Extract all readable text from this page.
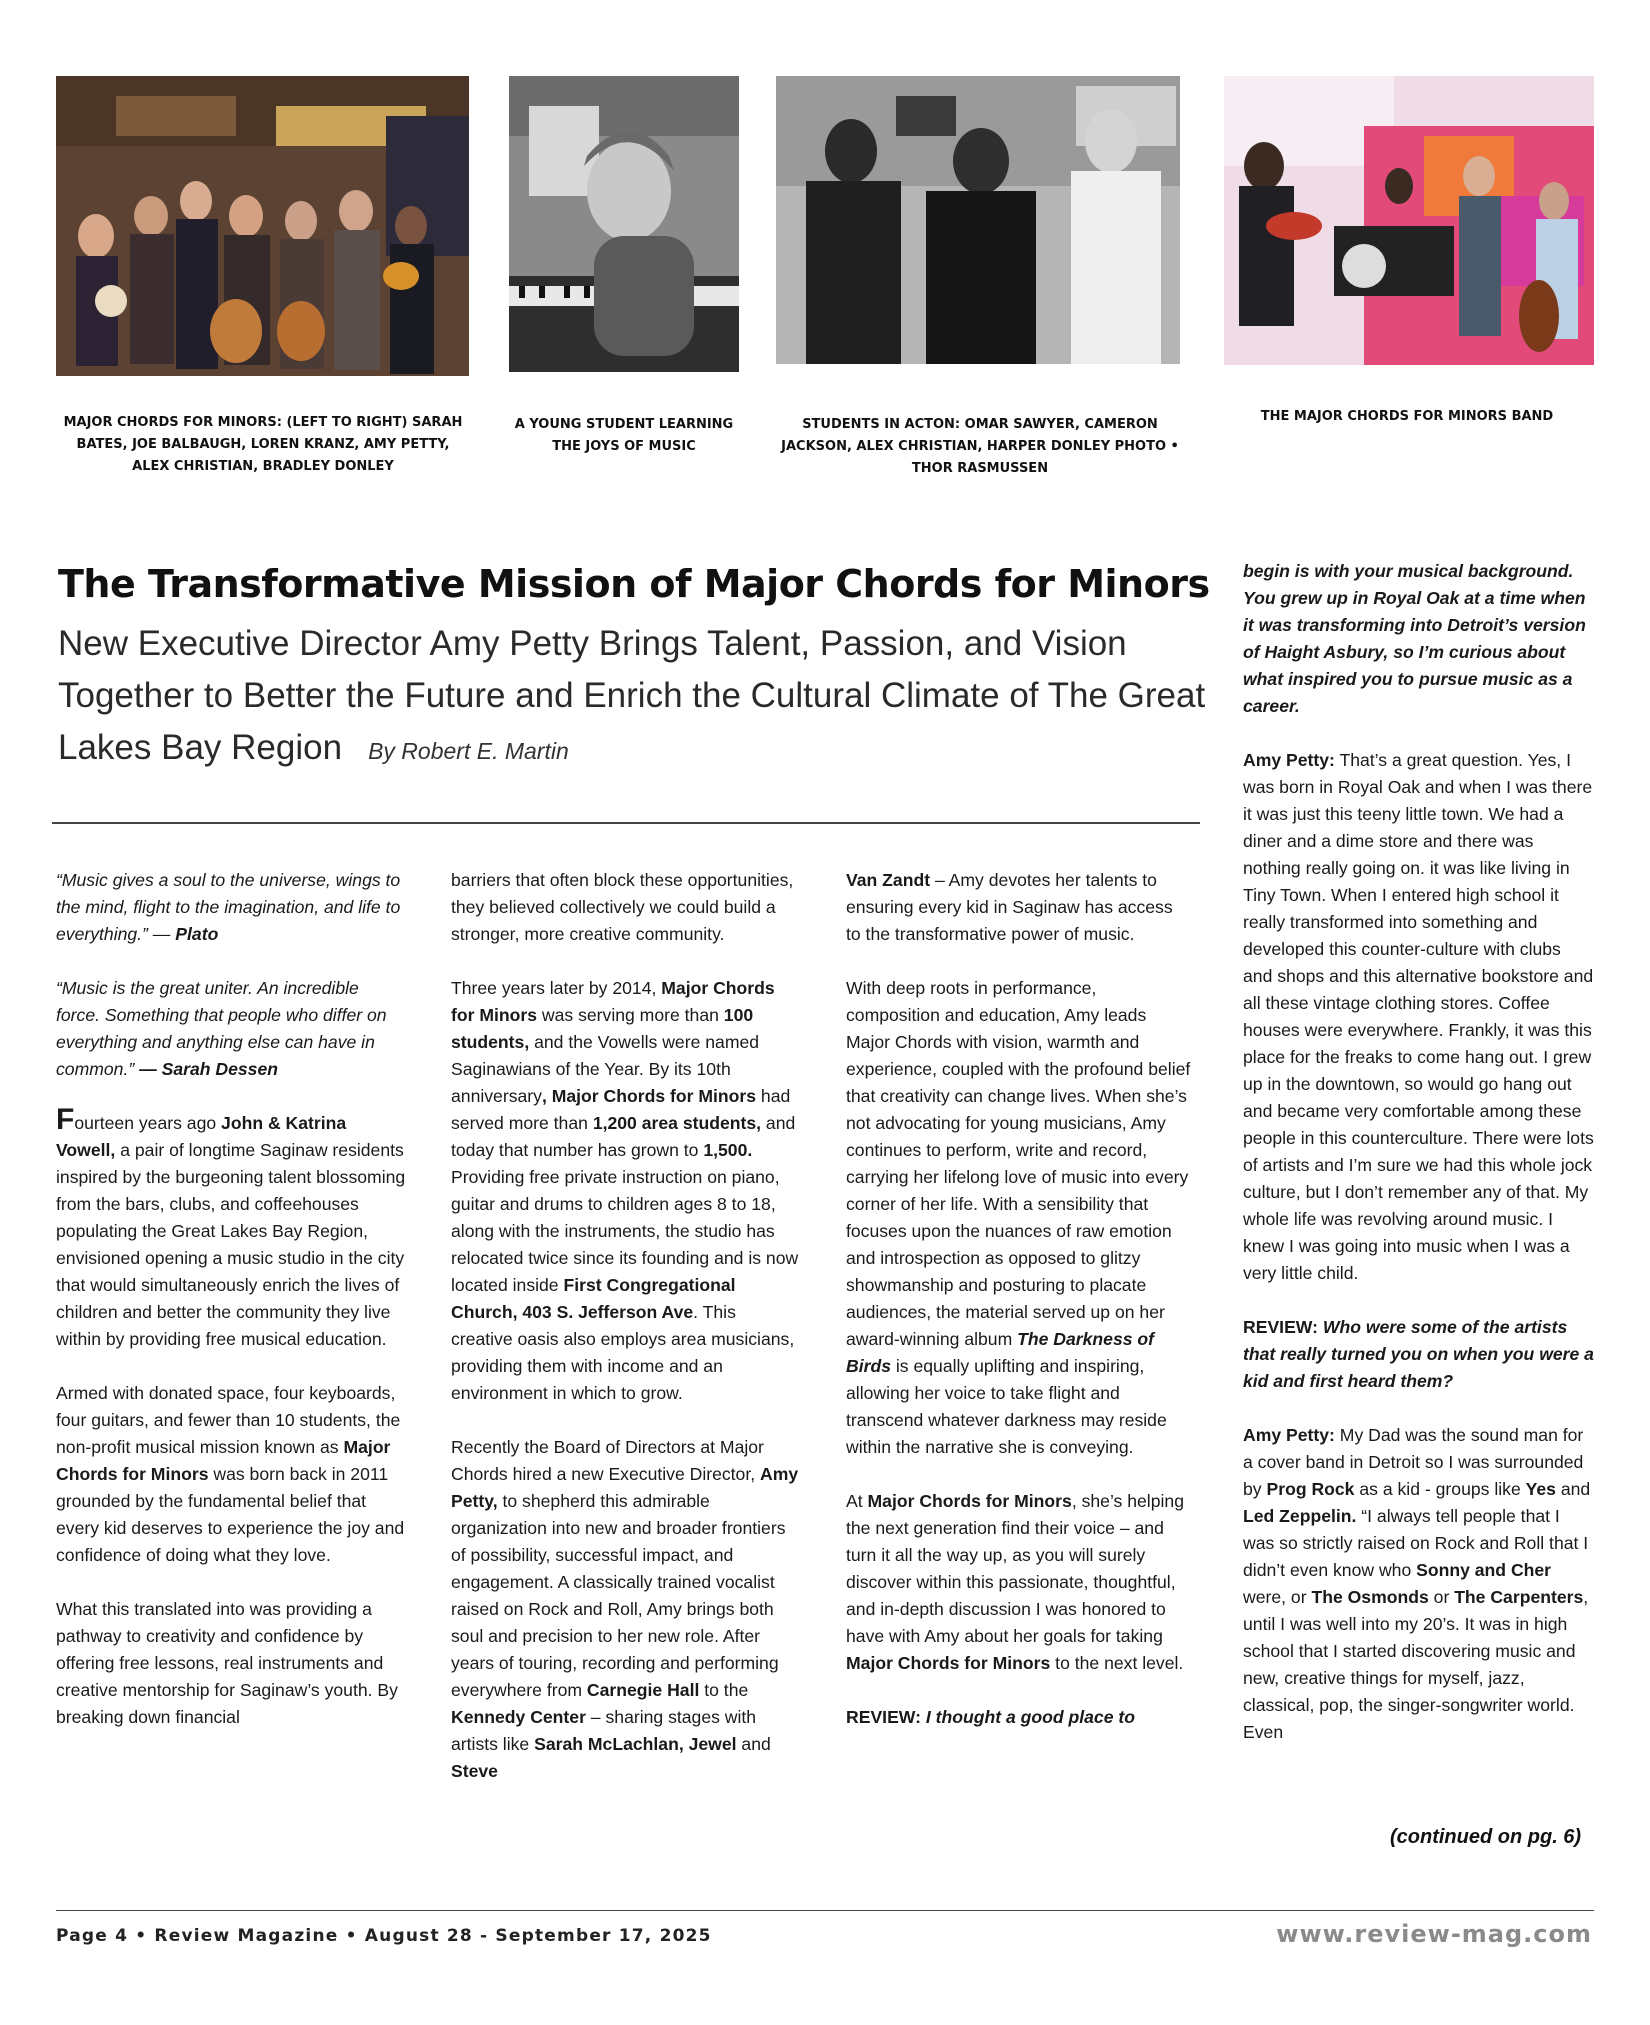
MAJOR CHORDS FOR MINORS: (LEFT TO RIGHT) SARAH BATES, JOE BALBAUGH, LOREN KRANZ, AMY PETTY, ALEX CHRISTIAN, BRADLEY DONLEY
A YOUNG STUDENT LEARNING THE JOYS OF MUSIC
STUDENTS IN ACTON: OMAR SAWYER, CAMERON JACKSON, ALEX CHRISTIAN, HARPER DONLEY PHOTO • THOR RASMUSSEN
THE MAJOR CHORDS FOR MINORS BAND
The Transformative Mission of Major Chords for Minors
New Executive Director Amy Petty Brings Talent, Passion, and Vision Together to Better the Future and Enrich the Cultural Climate of The Great Lakes Bay Region By Robert E. Martin

“Music gives a soul to the universe, wings to the mind, flight to the imagination, and life to everything.” — Plato

“Music is the great uniter. An incredible force. Something that people who differ on everything and anything else can have in common.” — Sarah Dessen

Fourteen years ago John & Katrina Vowell, a pair of longtime Saginaw residents inspired by the burgeoning talent blossoming from the bars, clubs, and coffeehouses populating the Great Lakes Bay Region, envisioned opening a music studio in the city that would simultaneously enrich the lives of children and better the community they live within by providing free musical education.

Armed with donated space, four keyboards, four guitars, and fewer than 10 students, the non-profit musical mission known as Major Chords for Minors was born back in 2011 grounded by the fundamental belief that every kid deserves to experience the joy and confidence of doing what they love.

What this translated into was providing a pathway to creativity and confidence by offering free lessons, real instruments and creative mentorship for Saginaw’s youth. By breaking down financial

barriers that often block these opportunities, they believed collectively we could build a stronger, more creative community.

Three years later by 2014, Major Chords for Minors was serving more than 100 students, and the Vowells were named Saginawians of the Year. By its 10th anniversary, Major Chords for Minors had served more than 1,200 area students, and today that number has grown to 1,500. Providing free private instruction on piano, guitar and drums to children ages 8 to 18, along with the instruments, the studio has relocated twice since its founding and is now located inside First Congregational Church, 403 S. Jefferson Ave. This creative oasis also employs area musicians, providing them with income and an environment in which to grow.

Recently the Board of Directors at Major Chords hired a new Executive Director, Amy Petty, to shepherd this admirable organization into new and broader frontiers of possibility, successful impact, and engagement. A classically trained vocalist raised on Rock and Roll, Amy brings both soul and precision to her new role. After years of touring, recording and performing everywhere from Carnegie Hall to the Kennedy Center – sharing stages with artists like Sarah McLachlan, Jewel and Steve

Van Zandt – Amy devotes her talents to ensuring every kid in Saginaw has access to the transformative power of music.

With deep roots in performance, composition and education, Amy leads Major Chords with vision, warmth and experience, coupled with the profound belief that creativity can change lives. When she’s not advocating for young musicians, Amy continues to perform, write and record, carrying her lifelong love of music into every corner of her life. With a sensibility that focuses upon the nuances of raw emotion and introspection as opposed to glitzy showmanship and posturing to placate audiences, the material served up on her award-winning album The Darkness of Birds is equally uplifting and inspiring, allowing her voice to take flight and transcend whatever darkness may reside within the narrative she is conveying.

At Major Chords for Minors, she’s helping the next generation find their voice – and turn it all the way up, as you will surely discover within this passionate, thoughtful, and in-depth discussion I was honored to have with Amy about her goals for taking Major Chords for Minors to the next level.

REVIEW: I thought a good place to

begin is with your musical background. You grew up in Royal Oak at a time when it was transforming into Detroit’s version of Haight Asbury, so I’m curious about what inspired you to pursue music as a career.

Amy Petty: That’s a great question. Yes, I was born in Royal Oak and when I was there it was just this teeny little town. We had a diner and a dime store and there was nothing really going on. it was like living in Tiny Town. When I entered high school it really transformed into something and developed this counter-culture with clubs and shops and this alternative bookstore and all these vintage clothing stores. Coffee houses were everywhere. Frankly, it was this place for the freaks to come hang out. I grew up in the downtown, so would go hang out and became very comfortable among these people in this counterculture. There were lots of artists and I’m sure we had this whole jock culture, but I don’t remember any of that. My whole life was revolving around music. I knew I was going into music when I was a very little child.

REVIEW: Who were some of the artists that really turned you on when you were a kid and first heard them?

Amy Petty: My Dad was the sound man for a cover band in Detroit so I was surrounded by Prog Rock as a kid - groups like Yes and Led Zeppelin. “I always tell people that I was so strictly raised on Rock and Roll that I didn’t even know who Sonny and Cher were, or The Osmonds or The Carpenters, until I was well into my 20’s. It was in high school that I started discovering music and new, creative things for myself, jazz, classical, pop, the singer-songwriter world. Even

(continued on pg. 6)
Page 4 • Review Magazine • August 28 - September 17, 2025	www.review-mag.com
